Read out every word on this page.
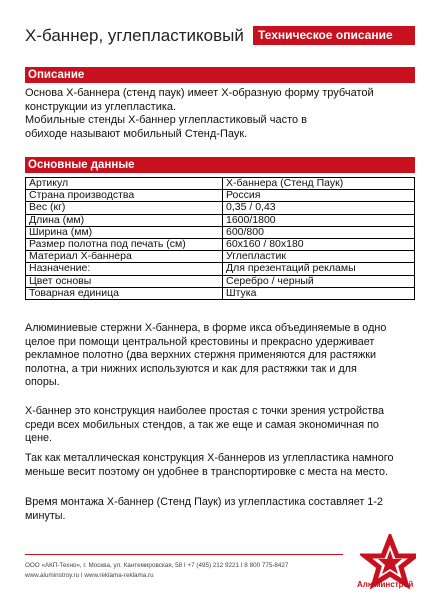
Х-баннер, углепластиковый	Техническое описание
Описание
Основа Х-баннера (стенд паук) имеет Х-образную форму трубчатой
конструкции из углепластика.
Мобильные стенды Х-баннер углепластиковый часто в
обиходе называют мобильный Стенд-Паук.
Основные данные
Артикул	Х-баннера (Стенд Паук)
Страна производства	Россия
Вес (кг)	0,35 / 0,43
Длина (мм)	1600/1800
Ширина (мм)	600/800
Размер полотна под печать (см)	60х160 / 80х180
Материал Х-баннера	Углепластик
Назначение:	Для презентаций рекламы
Цвет основы	Серебро / черный
Товарная единица	Штука
Алюминиевые стержни Х-баннера, в форме икса объединяемые в одно
целое при помощи центральной крестовины и прекрасно удерживает
рекламное полотно (два верхних стержня применяются для растяжки
полотна, а три нижних используются и как для растяжки так и для
опоры.
Х-баннер это конструкция наиболее простая с точки зрения устройства
среди всех мобильных стендов, а так же еще и самая экономичная по
цене.
Так как металлическая конструкция Х-баннеров из углепластика намного
меньше весит поэтому он удобнее в транспортировке с места на место.
Время монтажа Х-баннер (Стенд Паук) из углепластика составляет 1-2
минуты.
ООО «АКП-Техно», г. Москва, ул. Кантемировская, 58 I +7 (495) 212 9221 I 8 800 775-8427
www.aluminstroy.ru I www.reklama-reklama.ru
Алюминстрой
